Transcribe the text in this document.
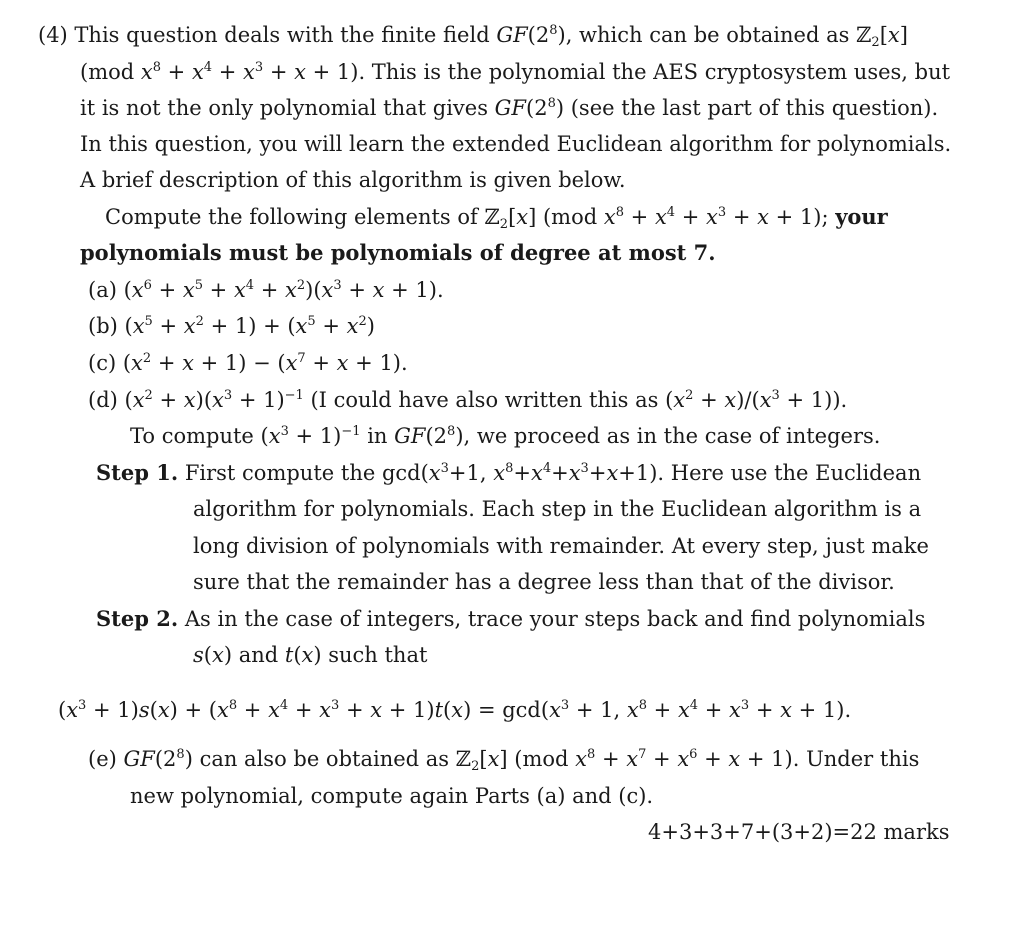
(4) This question deals with the finite field $GF(2^8)$, which can be obtained as ℤ$_2$[x]
(mod $x^8 + x^4 + x^3 + x + 1$). This is the polynomial the AES cryptosystem uses, but
it is not the only polynomial that gives $GF(2^8)$ (see the last part of this question).
In this question, you will learn the extended Euclidean algorithm for polynomials.
A brief description of this algorithm is given below.
Compute the following elements of ℤ$_2$[x] (mod $x^8 + x^4 + x^3 + x + 1$); your
polynomials must be polynomials of degree at most 7.
(a) $(x^6 + x^5 + x^4 + x^2)(x^3 + x + 1)$.
(b) $(x^5 + x^2 + 1) + (x^5 + x^2)$
(c) $(x^2 + x + 1) - (x^7 + x + 1)$.
(d) $(x^2 + x)(x^3 + 1)^{-1}$ (I could have also written this as $(x^2 + x)/(x^3 + 1)$).
To compute $(x^3 + 1)^{-1}$ in $GF(2^8)$, we proceed as in the case of integers.
Step 1. First compute the $\gcd(x^3+1$, $x^8+x^4+x^3+x+1$). Here use the Euclidean
algorithm for polynomials. Each step in the Euclidean algorithm is a
long division of polynomials with remainder. At every step, just make
sure that the remainder has a degree less than that of the divisor.
Step 2. As in the case of integers, trace your steps back and find polynomials
s(x) and t(x) such that
$(x^3 + 1)s(x) + (x^8 + x^4 + x^3 + x + 1)t(x) = \gcd(x^3 + 1$, $x^8 + x^4 + x^3 + x + 1$).
(e) $GF(2^8)$ can also be obtained as ℤ$_2$[x] (mod $x^8 + x^7 + x^6 + x + 1$). Under this
new polynomial, compute again Parts (a) and (c).
4+3+3+7+(3+2)=22 marks
